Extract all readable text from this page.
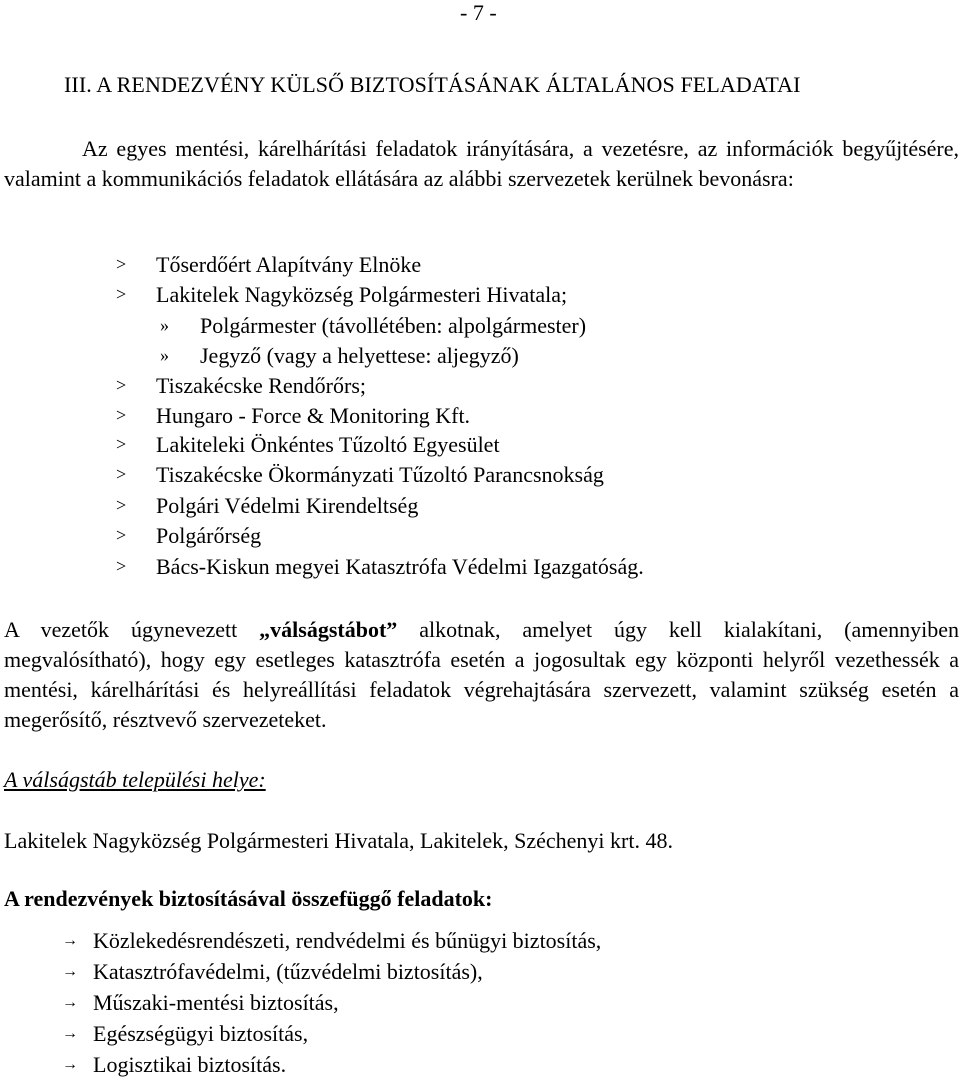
- 7 -
III. A RENDEZVÉNY KÜLSŐ BIZTOSÍTÁSÁNAK ÁLTALÁNOS FELADATAI

Az egyes mentési, kárelhárítási feladatok irányítására, a vezetésre, az információk begyűjtésére, valamint a kommunikációs feladatok ellátására az alábbi szervezetek kerülnek bevonásra:

> Tőserdőért Alapítvány Elnöke
> Lakitelek Nagyközség Polgármesteri Hivatala;
» Polgármester (távollétében: alpolgármester)
» Jegyző (vagy a helyettese: aljegyző)
> Tiszakécske Rendőrőrs;
> Hungaro - Force & Monitoring Kft.
> Lakiteleki Önkéntes Tűzoltó Egyesület
> Tiszakécske Ökormányzati Tűzoltó Parancsnokság
> Polgári Védelmi Kirendeltség
> Polgárőrség
> Bács-Kiskun megyei Katasztrófa Védelmi Igazgatóság.

A vezetők úgynevezett „válságstábot” alkotnak, amelyet úgy kell kialakítani, (amennyiben megvalósítható), hogy egy esetleges katasztrófa esetén a jogosultak egy központi helyről vezethessék a mentési, kárelhárítási és helyreállítási feladatok végrehajtására szervezett, valamint szükség esetén a megerősítő, résztvevő szervezeteket.

A válságstáb települési helye:
Lakitelek Nagyközség Polgármesteri Hivatala, Lakitelek, Széchenyi krt. 48.
A rendezvények biztosításával összefüggő feladatok:
→ Közlekedésrendészeti, rendvédelmi és bűnügyi biztosítás,
→ Katasztrófavédelmi, (tűzvédelmi biztosítás),
→ Műszaki-mentési biztosítás,
→ Egészségügyi biztosítás,
→ Logisztikai biztosítás.
